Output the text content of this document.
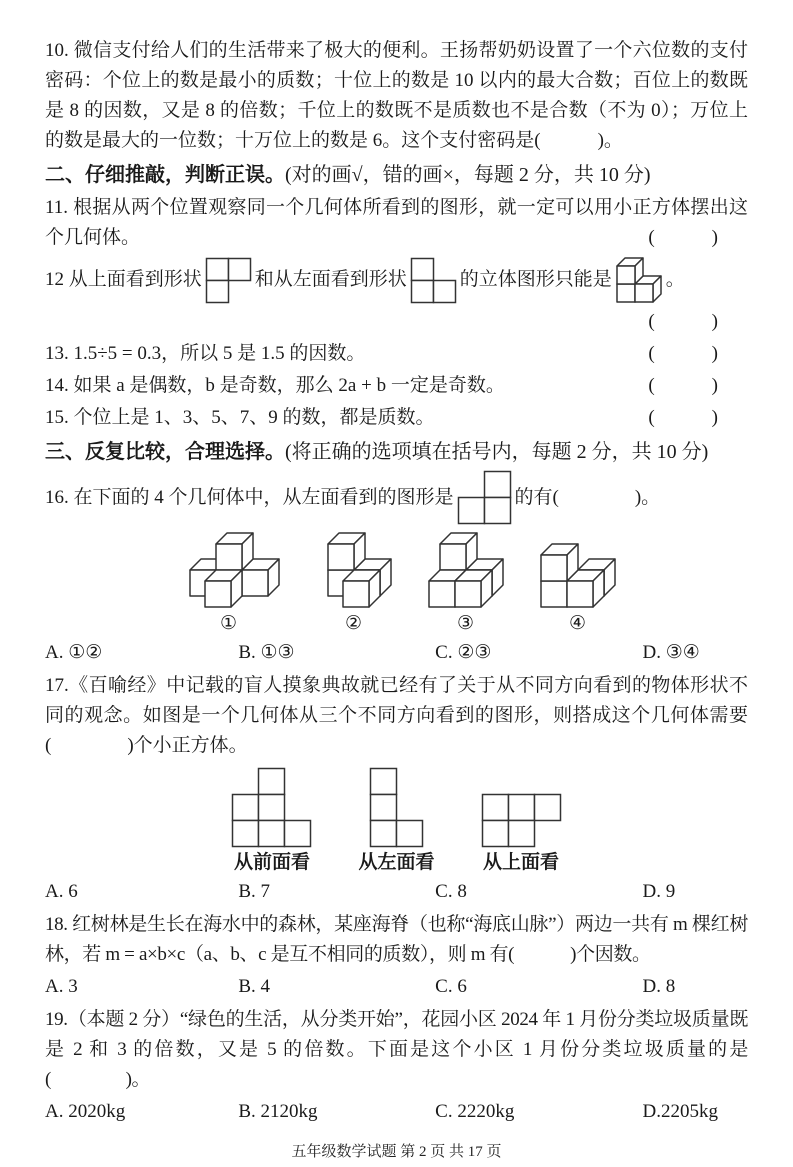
10. 微信支付给人们的生活带来了极大的便利。王扬帮奶奶设置了一个六位数的支付密码：个位上的数是最小的质数；十位上的数是 10 以内的最大合数；百位上的数既是 8 的因数，又是 8 的倍数；千位上的数既不是质数也不是合数（不为 0）；万位上的数是最大的一位数；十万位上的数是 6。这个支付密码是(　　　)。

二、仔细推敲，判断正误。(对的画√，错的画×，每题 2 分，共 10 分)

11. 根据从两个位置观察同一个几何体所看到的图形，就一定可以用小正方体摆出这个几何体。	(　　　)

12 从上面看到形状	和从左面看到形状	的立体图形只能是	。

(　　　)

13. 1.5÷5 = 0.3，所以 5 是 1.5 的因数。	(　　　)

14. 如果 a 是偶数，b 是奇数，那么 2a + b 一定是奇数。	(　　　)

15. 个位上是 1、3、5、7、9 的数，都是质数。	(　　　)

三、反复比较，合理选择。(将正确的选项填在括号内，每题 2 分，共 10 分)

16. 在下面的 4 个几何体中，从左面看到的图形是	的有(　　　　)。
①	②	③	④
A. ①②	B. ①③	C. ②③	D. ③④

17.《百喻经》中记载的盲人摸象典故就已经有了关于从不同方向看到的物体形状不同的观念。如图是一个几何体从三个不同方向看到的图形，则搭成这个几何体需要(　　　　)个小正方体。

从前面看	从左面看	从上面看
A. 6	B. 7	C. 8	D. 9

18. 红树林是生长在海水中的森林，某座海脊（也称“海底山脉”）两边一共有 m 棵红树林，若 m = a×b×c（a、b、c 是互不相同的质数），则 m 有(　　　)个因数。

A. 3	B. 4	C. 6	D. 8

19.（本题 2 分）“绿色的生活，从分类开始”，花园小区 2024 年 1 月份分类垃圾质量既是 2 和 3 的倍数，又是 5 的倍数。下面是这个小区 1 月份分类垃圾质量的是(　　　　)。

A. 2020kg	B. 2120kg	C. 2220kg	D.2205kg
五年级数学试题 第 2 页 共 17 页
